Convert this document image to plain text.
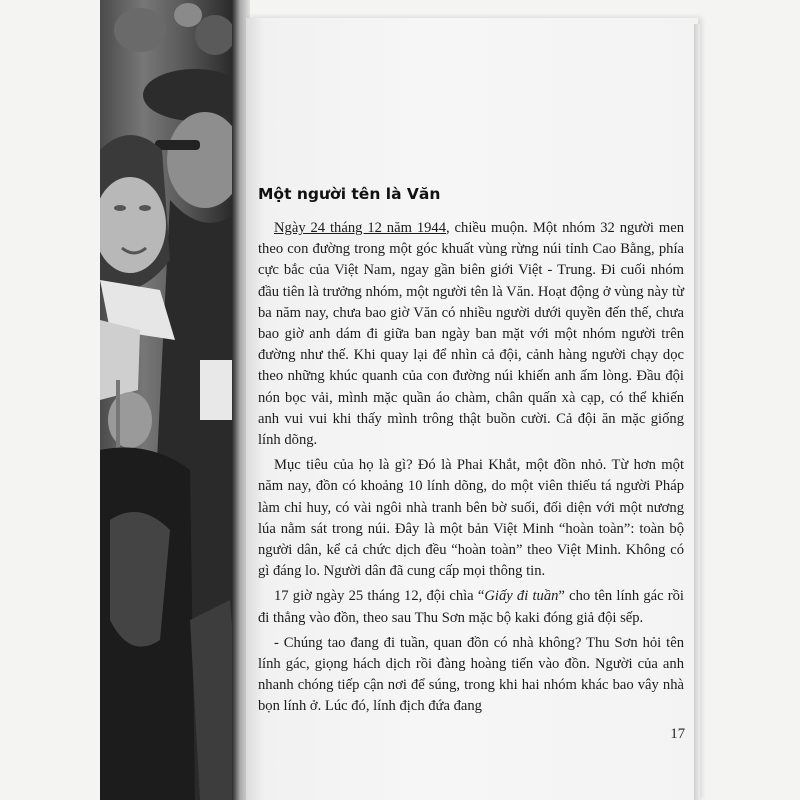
Một người tên là Văn

Ngày 24 tháng 12 năm 1944, chiều muộn. Một nhóm 32 người men theo con đường trong một góc khuất vùng rừng núi tỉnh Cao Bằng, phía cực bắc của Việt Nam, ngay gần biên giới Việt - Trung. Đi cuối nhóm đầu tiên là trưởng nhóm, một người tên là Văn. Hoạt động ở vùng này từ ba năm nay, chưa bao giờ Văn có nhiều người dưới quyền đến thế, chưa bao giờ anh dám đi giữa ban ngày ban mặt với một nhóm người trên đường như thế. Khi quay lại để nhìn cả đội, cảnh hàng người chạy dọc theo những khúc quanh của con đường núi khiến anh ấm lòng. Đầu đội nón bọc vải, mình mặc quần áo chàm, chân quấn xà cạp, có thể khiến anh vui vui khi thấy mình trông thật buồn cười. Cả đội ăn mặc giống lính dõng.

Mục tiêu của họ là gì? Đó là Phai Khắt, một đồn nhỏ. Từ hơn một năm nay, đồn có khoảng 10 lính dõng, do một viên thiếu tá người Pháp làm chỉ huy, có vài ngôi nhà tranh bên bờ suối, đối diện với một nương lúa nằm sát trong núi. Đây là một bản Việt Minh “hoàn toàn”: toàn bộ người dân, kể cả chức dịch đều “hoàn toàn” theo Việt Minh. Không có gì đáng lo. Người dân đã cung cấp mọi thông tin.

17 giờ ngày 25 tháng 12, đội chìa “Giấy đi tuần” cho tên lính gác rồi đi thẳng vào đồn, theo sau Thu Sơn mặc bộ kaki đóng giả đội sếp.

- Chúng tao đang đi tuần, quan đồn có nhà không? Thu Sơn hỏi tên lính gác, giọng hách dịch rồi đàng hoàng tiến vào đồn. Người của anh nhanh chóng tiếp cận nơi để súng, trong khi hai nhóm khác bao vây nhà bọn lính ở. Lúc đó, lính địch đứa đang

17
